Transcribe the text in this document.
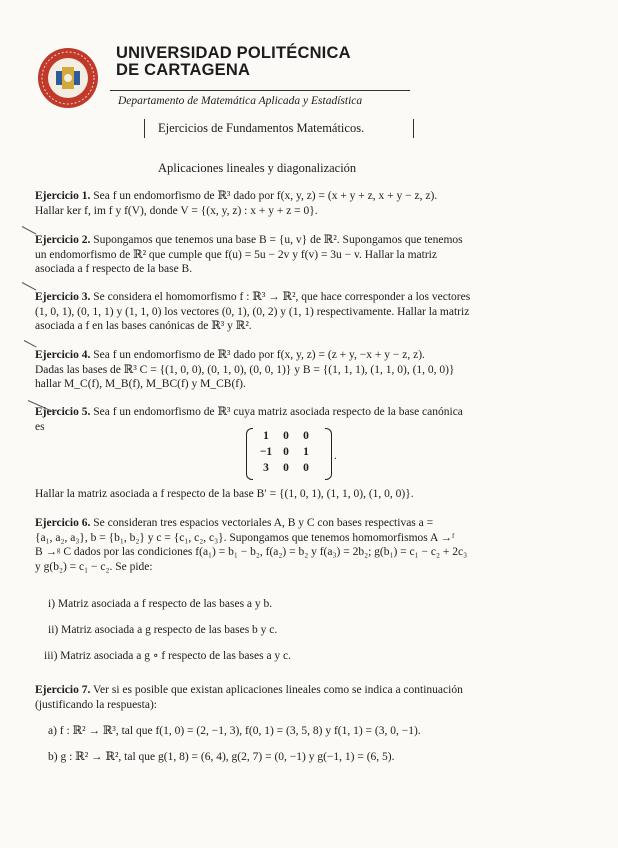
UNIVERSIDAD POLITÉCNICA
DE CARTAGENA
Departamento de Matemática Aplicada y Estadística
Ejercicios de Fundamentos Matemáticos.
Aplicaciones lineales y diagonalización
Ejercicio 1. Sea f un endomorfismo de ℝ³ dado por f(x, y, z) = (x + y + z, x + y − z, z).
Hallar ker f, im f y f(V), donde V = {(x, y, z) : x + y + z = 0}.
Ejercicio 2. Supongamos que tenemos una base B = {u, v} de ℝ². Supongamos que tenemos
un endomorfismo de ℝ² que cumple que f(u) = 5u − 2v y f(v) = 3u − v. Hallar la matriz
asociada a f respecto de la base B.
Ejercicio 3. Se considera el homomorfismo f : ℝ³ → ℝ², que hace corresponder a los vectores
(1, 0, 1), (0, 1, 1) y (1, 1, 0) los vectores (0, 1), (0, 2) y (1, 1) respectivamente. Hallar la matriz
asociada a f en las bases canónicas de ℝ³ y ℝ².
Ejercicio 4. Sea f un endomorfismo de ℝ³ dado por f(x, y, z) = (z + y, −x + y − z, z).
Dadas las bases de ℝ³ C = {(1, 0, 0), (0, 1, 0), (0, 0, 1)} y B = {(1, 1, 1), (1, 1, 0), (1, 0, 0)}
hallar M_C(f), M_B(f), M_BC(f) y M_CB(f).
Ejercicio 5. Sea f un endomorfismo de ℝ³ cuya matriz asociada respecto de la base canónica
es
1 0 0
−1 0 1
3 0 0
.
Hallar la matriz asociada a f respecto de la base B′ = {(1, 0, 1), (1, 1, 0), (1, 0, 0)}.
Ejercicio 6. Se consideran tres espacios vectoriales A, B y C con bases respectivas a =
{a₁, a₂, a₃}, b = {b₁, b₂} y c = {c₁, c₂, c₃}. Supongamos que tenemos homomorfismos A →ᶠ
B →ᵍ C dados por las condiciones f(a₁) = b₁ − b₂, f(a₂) = b₂ y f(a₃) = 2b₂; g(b₁) = c₁ − c₂ + 2c₃
y g(b₂) = c₁ − c₂. Se pide:
i) Matriz asociada a f respecto de las bases a y b.
ii) Matriz asociada a g respecto de las bases b y c.
iii) Matriz asociada a g ∘ f respecto de las bases a y c.
Ejercicio 7. Ver si es posible que existan aplicaciones lineales como se indica a continuación
(justificando la respuesta):
a) f : ℝ² → ℝ³, tal que f(1, 0) = (2, −1, 3), f(0, 1) = (3, 5, 8) y f(1, 1) = (3, 0, −1).
b) g : ℝ² → ℝ², tal que g(1, 8) = (6, 4), g(2, 7) = (0, −1) y g(−1, 1) = (6, 5).
